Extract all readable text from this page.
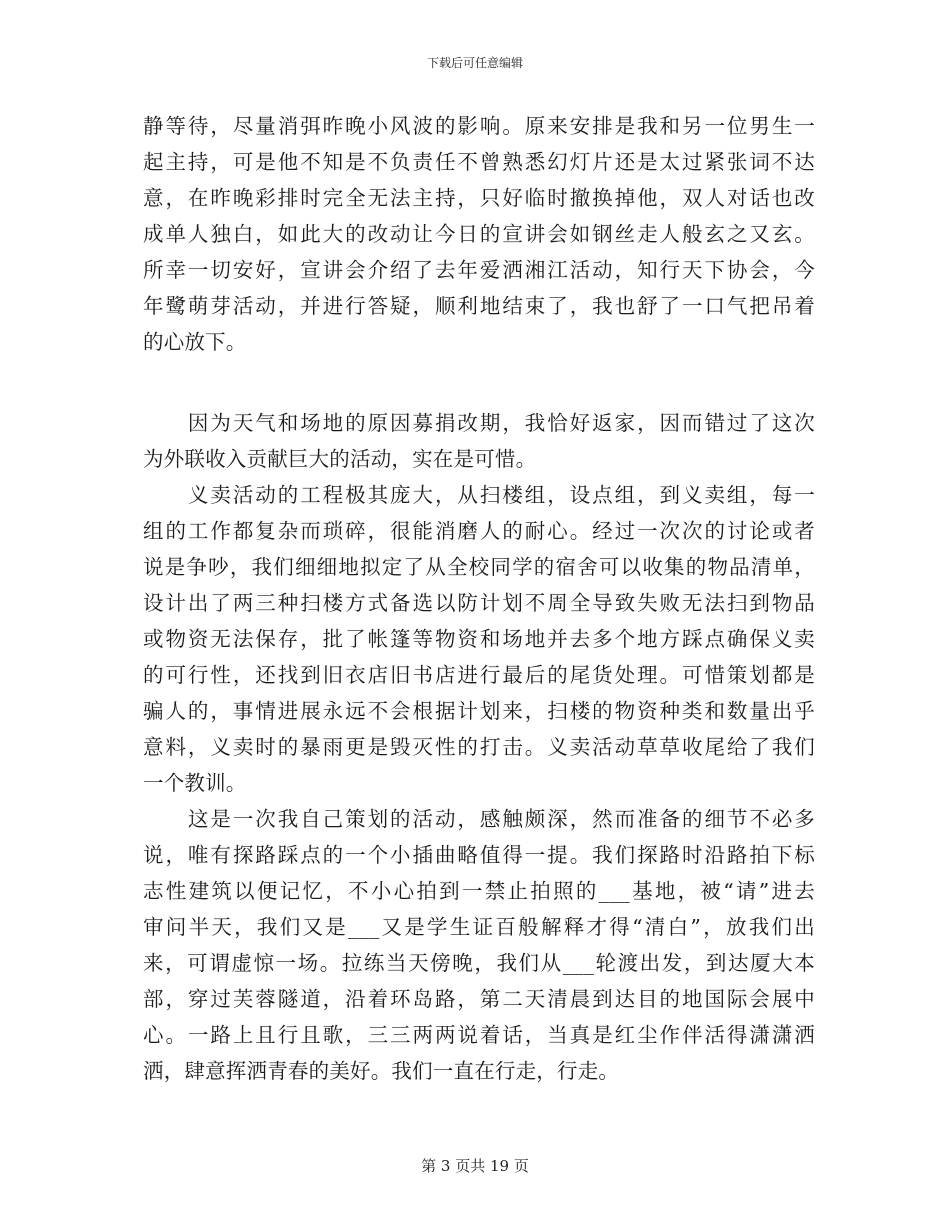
下载后可任意编辑
静等待，尽量消弭昨晚小风波的影响。原来安排是我和另一位男生一
起主持，可是他不知是不负责任不曾熟悉幻灯片还是太过紧张词不达
意，在昨晚彩排时完全无法主持，只好临时撤换掉他，双人对话也改
成单人独白，如此大的改动让今日的宣讲会如钢丝走人般玄之又玄。
所幸一切安好，宣讲会介绍了去年爱洒湘江活动，知行天下协会，今
年鹭萌芽活动，并进行答疑，顺利地结束了，我也舒了一口气把吊着
的心放下。
　　因为天气和场地的原因募捐改期，我恰好返家，因而错过了这次
为外联收入贡献巨大的活动，实在是可惜。
　　义卖活动的工程极其庞大，从扫楼组，设点组，到义卖组，每一
组的工作都复杂而琐碎，很能消磨人的耐心。经过一次次的讨论或者
说是争吵，我们细细地拟定了从全校同学的宿舍可以收集的物品清单，
设计出了两三种扫楼方式备选以防计划不周全导致失败无法扫到物品
或物资无法保存，批了帐篷等物资和场地并去多个地方踩点确保义卖
的可行性，还找到旧衣店旧书店进行最后的尾货处理。可惜策划都是
骗人的，事情进展永远不会根据计划来，扫楼的物资种类和数量出乎
意料，义卖时的暴雨更是毁灭性的打击。义卖活动草草收尾给了我们
一个教训。
　　这是一次我自己策划的活动，感触颇深，然而准备的细节不必多
说，唯有探路踩点的一个小插曲略值得一提。我们探路时沿路拍下标
志性建筑以便记忆，不小心拍到一禁止拍照的___基地，被“请”进去
审问半天，我们又是___又是学生证百般解释才得“清白”，放我们出
来，可谓虚惊一场。拉练当天傍晚，我们从___轮渡出发，到达厦大本
部，穿过芙蓉隧道，沿着环岛路，第二天清晨到达目的地国际会展中
心。一路上且行且歌，三三两两说着话，当真是红尘作伴活得潇潇洒
洒，肆意挥洒青春的美好。我们一直在行走，行走。
第 3 页共 19 页
